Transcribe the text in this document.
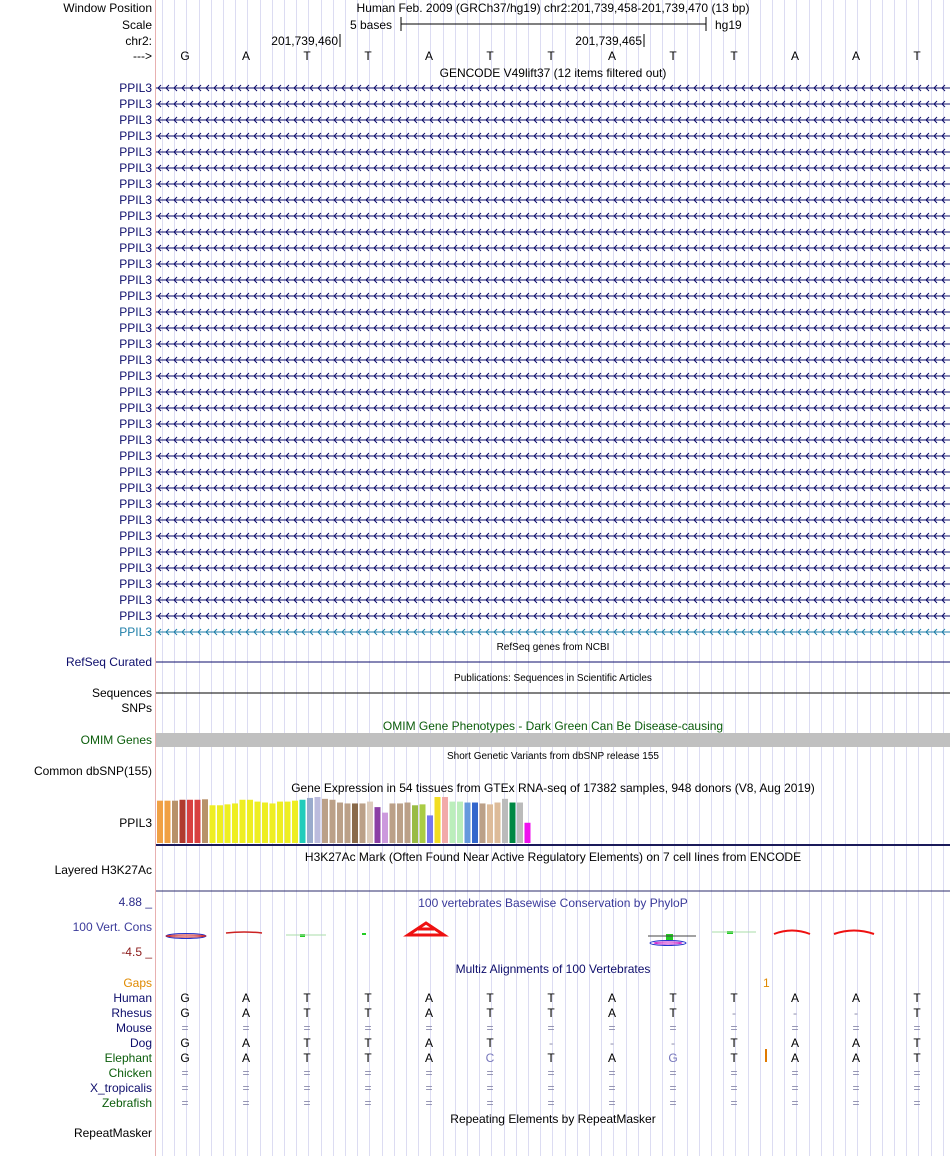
Window Position	Human Feb. 2009 (GRCh37/hg19) chr2:201,739,458-201,739,470 (13 bp)
Scale	5 bases	hg19
chr2:	201,739,460	201,739,465
--->
GENCODE V49lift37 (12 items filtered out)
RefSeq genes from NCBI
RefSeq Curated
Publications: Sequences in Scientific Articles
Sequences
SNPs
OMIM Gene Phenotypes - Dark Green Can Be Disease-causing
OMIM Genes
Short Genetic Variants from dbSNP release 155
Common dbSNP(155)
Gene Expression in 54 tissues from GTEx RNA-seq of 17382 samples, 948 donors (V8, Aug 2019)
PPIL3
H3K27Ac Mark (Often Found Near Active Regulatory Elements) on 7 cell lines from ENCODE
Layered H3K27Ac
100 vertebrates Basewise Conservation by PhyloP
4.88 _
100 Vert. Cons
-4.5 _
Multiz Alignments of 100 Vertebrates
Gaps	1
Repeating Elements by RepeatMasker
RepeatMasker
G	A	T	T	A	T	T	A	T	T	A	A	T
PPIL3
PPIL3
PPIL3
PPIL3
PPIL3
PPIL3
PPIL3
PPIL3
PPIL3
PPIL3
PPIL3
PPIL3
PPIL3
PPIL3
PPIL3
PPIL3
PPIL3
PPIL3
PPIL3
PPIL3
PPIL3
PPIL3
PPIL3
PPIL3
PPIL3
PPIL3
PPIL3
PPIL3
PPIL3
PPIL3
PPIL3
PPIL3
PPIL3
PPIL3
PPIL3
Human G	A	T	T	A	T	T	A	T	T	A	A	T
Rhesus G	A	T	T	A	T	T	A	T	-	-	-	T
Mouse =	=	=	=	=	=	=	=	=	=	=	=	=
Dog G	A	T	T	A	T	-	-	-	T	A	A	T
Elephant G	A	T	T	A	C	T	A	G	T	A	A	T
Chicken =	=	=	=	=	=	=	=	=	=	=	=	=
X_tropicalis =	=	=	=	=	=	=	=	=	=	=	=	=
Zebrafish =	=	=	=	=	=	=	=	=	=	=	=	=
